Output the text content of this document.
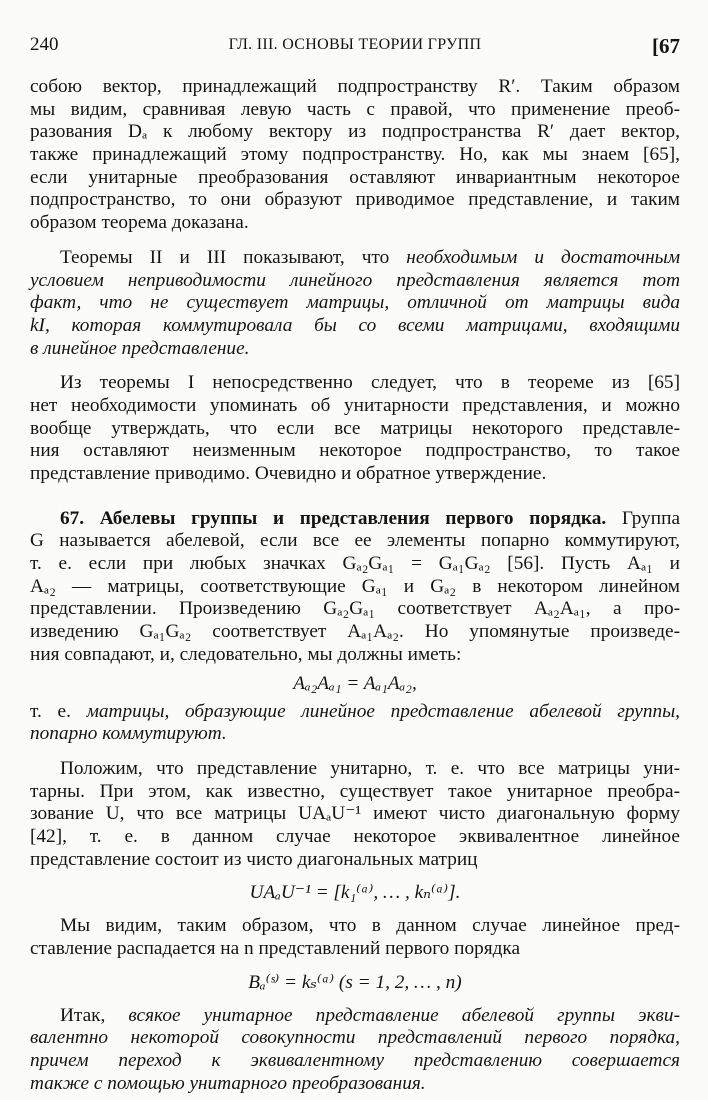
240	ГЛ. III. ОСНОВЫ ТЕОРИИ ГРУПП	[67
собою вектор, принадлежащий подпространству R′. Таким образом
мы видим, сравнивая левую часть с правой, что применение преоб-
разования Dₐ к любому вектору из подпространства R′ дает вектор,
также принадлежащий этому подпространству. Но, как мы знаем [65],
если унитарные преобразования оставляют инвариантным некоторое
подпространство, то они образуют приводимое представление, и таким
образом теорема доказана.
Теоремы II и III показывают, что необходимым и достаточным
условием неприводимости линейного представления является тот
факт, что не существует матрицы, отличной от матрицы вида
kI, которая коммутировала бы со всеми матрицами, входящими
в линейное представление.
Из теоремы I непосредственно следует, что в теореме из [65]
нет необходимости упоминать об унитарности представления, и можно
вообще утверждать, что если все матрицы некоторого представле-
ния оставляют неизменным некоторое подпространство, то такое
представление приводимо. Очевидно и обратное утверждение.
67. Абелевы группы и представления первого порядка. Группа
G называется абелевой, если все ее элементы попарно коммутируют,
т. е. если при любых значках Gₐ₂Gₐ₁ = Gₐ₁Gₐ₂ [56]. Пусть Aₐ₁ и
Aₐ₂ — матрицы, соответствующие Gₐ₁ и Gₐ₂ в некотором линейном
представлении. Произведению Gₐ₂Gₐ₁ соответствует Aₐ₂Aₐ₁, а про-
изведению Gₐ₁Gₐ₂ соответствует Aₐ₁Aₐ₂. Но упомянутые произведе-
ния совпадают, и, следовательно, мы должны иметь:
Aₐ₂Aₐ₁ = Aₐ₁Aₐ₂,
т. е. матрицы, образующие линейное представление абелевой группы,
попарно коммутируют.
Положим, что представление унитарно, т. е. что все матрицы уни-
тарны. При этом, как известно, существует такое унитарное преобра-
зование U, что все матрицы UAₐU⁻¹ имеют чисто диагональную форму
[42], т. е. в данном случае некоторое эквивалентное линейное
представление состоит из чисто диагональных матриц
UAₐU⁻¹ = [k₁⁽ᵃ⁾, … , kₙ⁽ᵃ⁾].
Мы видим, таким образом, что в данном случае линейное пред-
ставление распадается на n представлений первого порядка
Bₐ⁽ˢ⁾ = kₛ⁽ᵃ⁾ (s = 1, 2, … , n)
Итак, всякое унитарное представление абелевой группы экви-
валентно некоторой совокупности представлений первого порядка,
причем переход к эквивалентному представлению совершается
также с помощью унитарного преобразования.
